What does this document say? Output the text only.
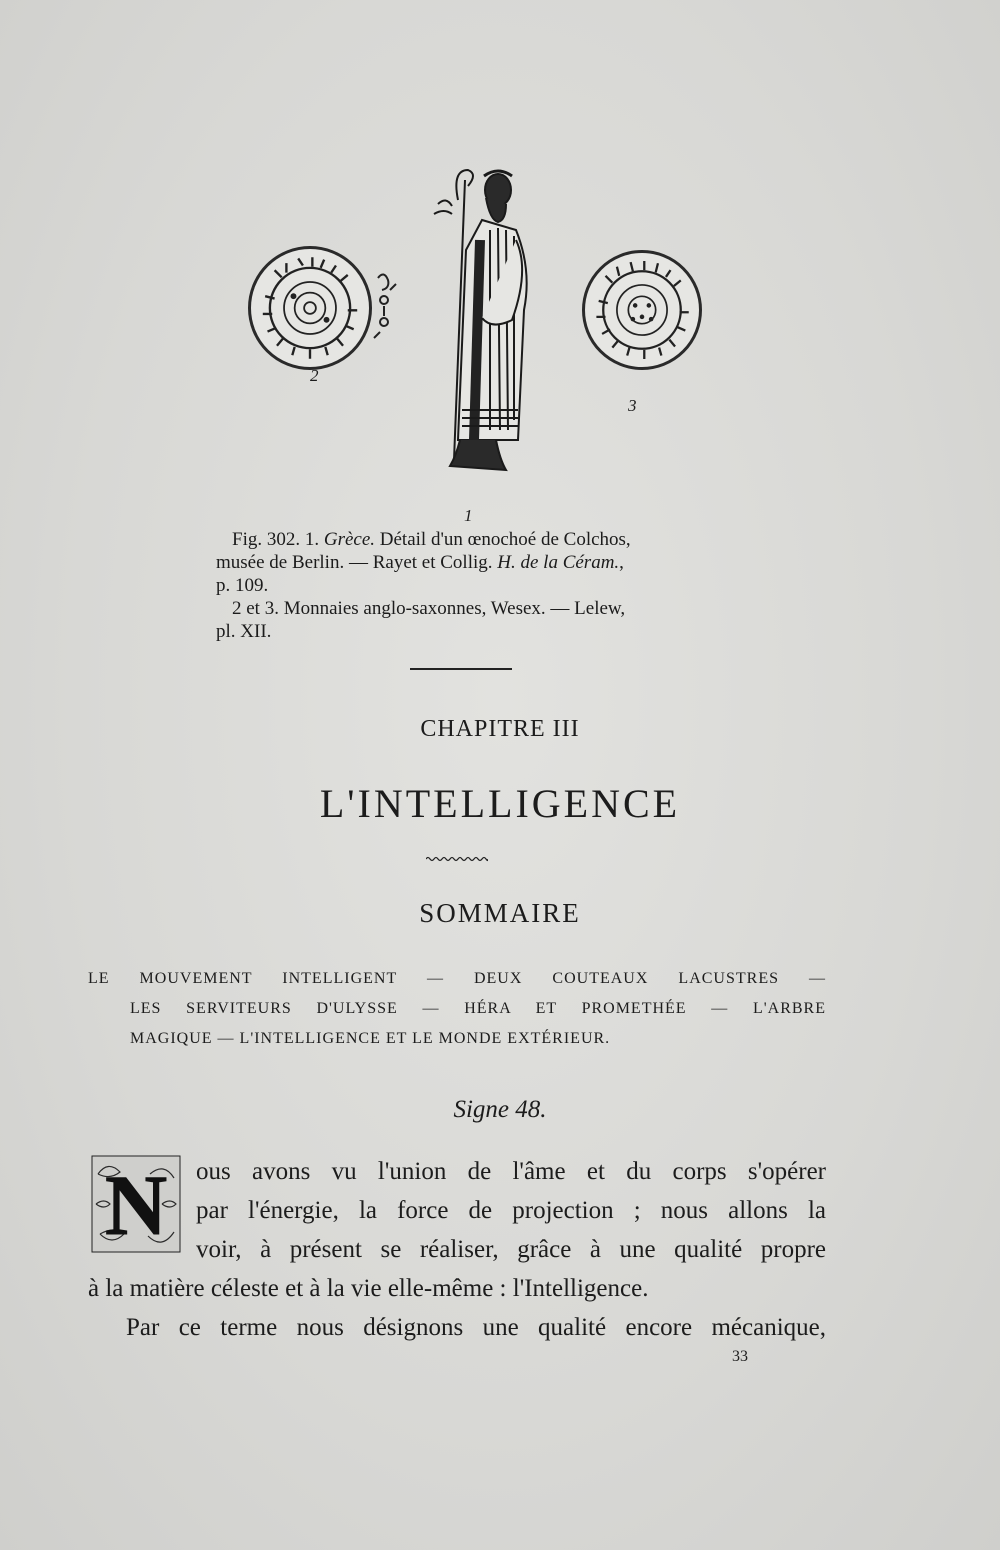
2
3
1

Fig. 302. 1. Grèce. Détail d'un œnochoé de Colchos,

musée de Berlin. — Rayet et Collig. H. de la Céram.,

p. 109.

2 et 3. Monnaies anglo-saxonnes, Wesex. — Lelew,

pl. XII.

CHAPITRE III
L'INTELLIGENCE
SOMMAIRE
LE MOUVEMENT INTELLIGENT — DEUX COUTEAUX LACUSTRES —
LES SERVITEURS D'ULYSSE — HÉRA ET PROMETHÉE — L'ARBRE
MAGIQUE — L'INTELLIGENCE ET LE MONDE EXTÉRIEUR.
Signe 48.
N	ous avons vu l'union de l'âme et du corps s'opérer
par l'énergie, la force de projection ; nous allons la
voir, à présent se réaliser, grâce à une qualité propre
à la matière céleste et à la vie elle-même : l'Intelligence.
Par ce terme nous désignons une qualité encore mécanique,
33
